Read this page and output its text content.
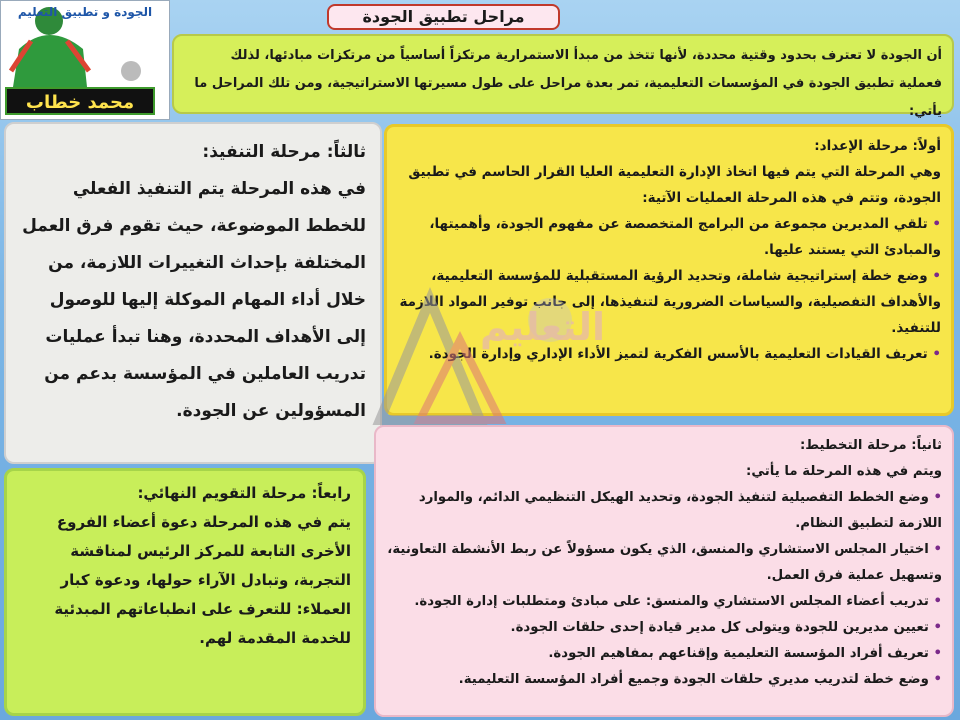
الجودة و تطبيق التعليم
محمد خطاب
مراحل تطبيق الجودة

أن الجودة لا تعترف بحدود وقتية محددة، لأنها تتخذ من مبدأ الاستمرارية مرتكزاً أساسياً من مرتكزات مبادئها، لذلك

فعملية تطبيق الجودة في المؤسسات التعليمية، تمر بعدة مراحل على طول مسيرتها الاستراتيجية، ومن تلك المراحل ما يأتي:

أولاً: مرحلة الإعداد:
وهي المرحلة التي يتم فيها اتخاذ الإدارة التعليمية العليا القرار الحاسم في تطبيق الجودة، وتتم في هذه المرحلة العمليات الآتية:
• تلقي المديرين مجموعة من البرامج المتخصصة عن مفهوم الجودة، وأهميتها، والمبادئ التي يستند عليها.
• وضع خطة إستراتيجية شاملة، وتحديد الرؤية المستقبلية للمؤسسة التعليمية، والأهداف التفصيلية، والسياسات الضرورية لتنفيذها، إلى جانب توفير المواد اللازمة للتنفيذ.
• تعريف القيادات التعليمية بالأسس الفكرية لتميز الأداء الإداري وإدارة الجودة.
ثالثاً: مرحلة التنفيذ:
في هذه المرحلة يتم التنفيذ الفعلي للخطط الموضوعة، حيث تقوم فرق العمل المختلفة بإحداث التغييرات اللازمة، من خلال أداء المهام الموكلة إليها للوصول إلى الأهداف المحددة، وهنا تبدأ عمليات تدريب العاملين في المؤسسة بدعم من المسؤولين عن الجودة.
ثانياً: مرحلة التخطيط:
ويتم في هذه المرحلة ما يأتي:
• وضع الخطط التفصيلية لتنفيذ الجودة، وتحديد الهيكل التنظيمي الدائم، والموارد اللازمة لتطبيق النظام.
• اختيار المجلس الاستشاري والمنسق، الذي يكون مسؤولاً عن ربط الأنشطة التعاونية، وتسهيل عملية فرق العمل.
• تدريب أعضاء المجلس الاستشاري والمنسق: على مبادئ ومتطلبات إدارة الجودة.
• تعيين مديرين للجودة ويتولى كل مدير قيادة إحدى حلقات الجودة.
• تعريف أفراد المؤسسة التعليمية وإقناعهم بمفاهيم الجودة.
• وضع خطة لتدريب مديري حلقات الجودة وجميع أفراد المؤسسة التعليمية.
رابعاً: مرحلة التقويم النهائي:
يتم في هذه المرحلة دعوة أعضاء الفروع الأخرى التابعة للمركز الرئيس لمناقشة التجربة، وتبادل الآراء حولها، ودعوة كبار العملاء: للتعرف على انطباعاتهم المبدئية للخدمة المقدمة لهم.
التعليم
